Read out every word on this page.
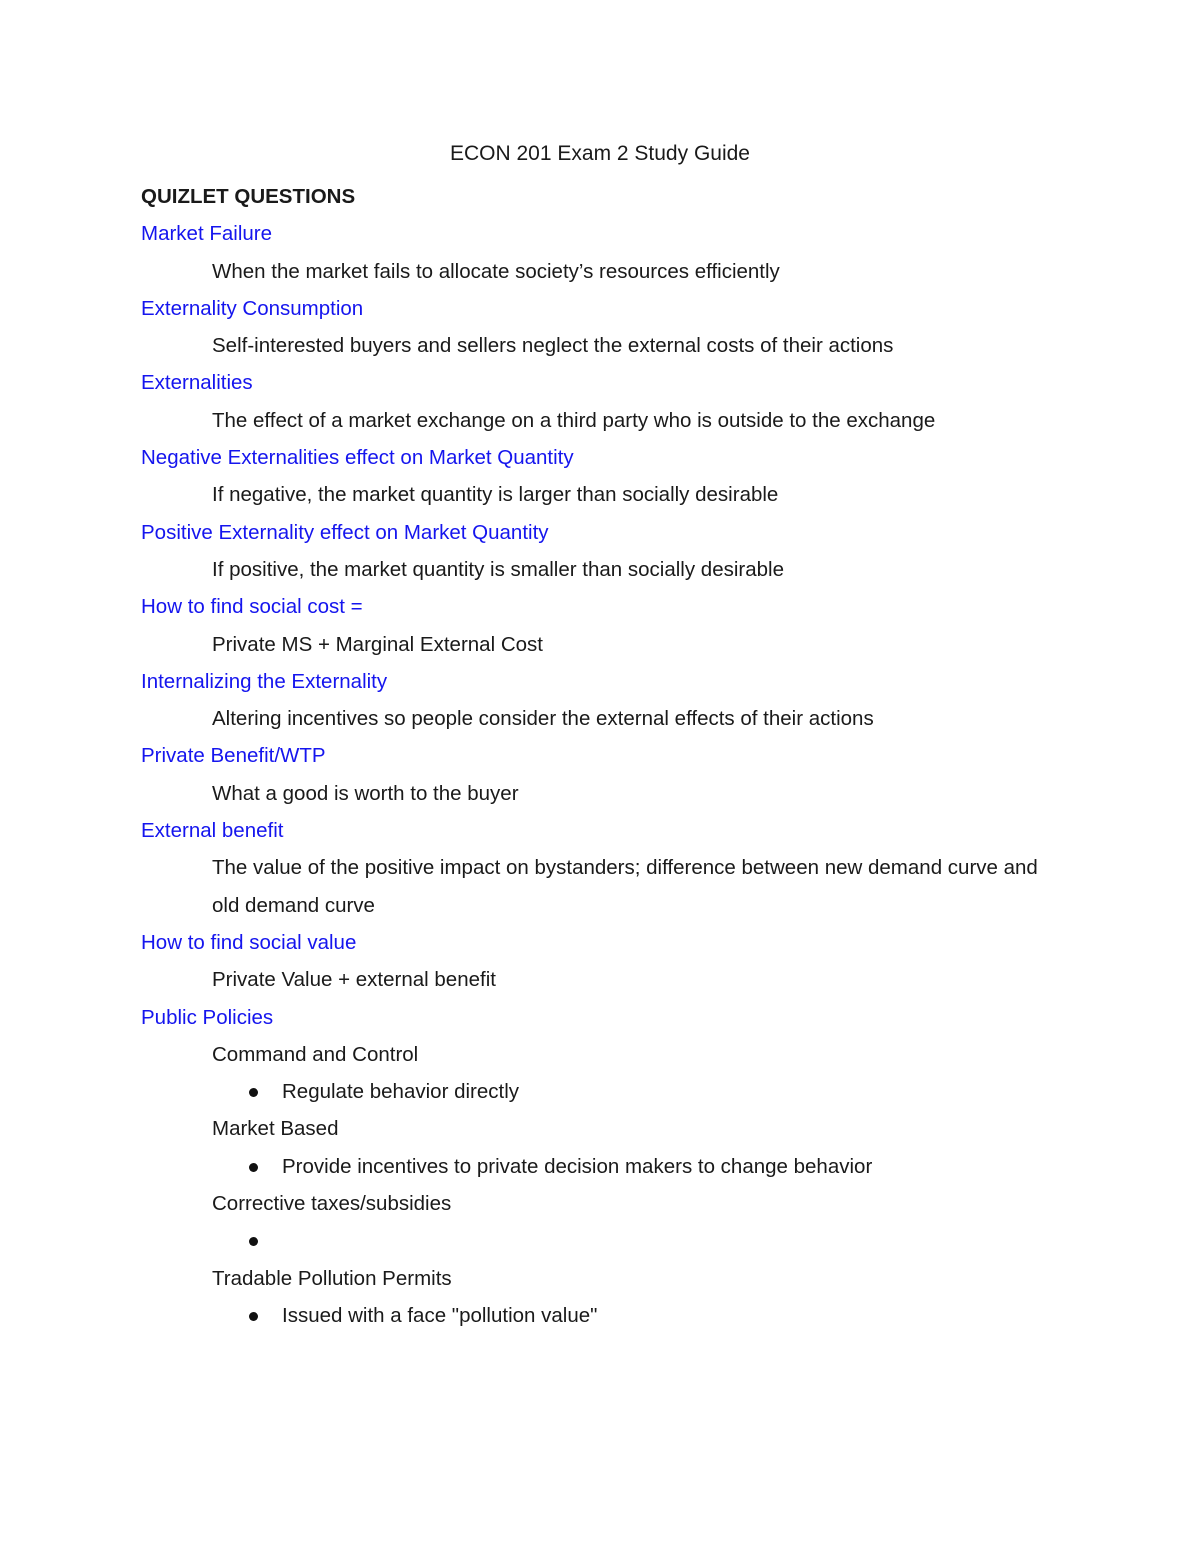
ECON 201 Exam 2 Study Guide
QUIZLET QUESTIONS
Market Failure
When the market fails to allocate society’s resources efficiently
Externality Consumption
Self-interested buyers and sellers neglect the external costs of their actions
Externalities
The effect of a market exchange on a third party who is outside to the exchange
Negative Externalities effect on Market Quantity
If negative, the market quantity is larger than socially desirable
Positive Externality effect on Market Quantity
If positive, the market quantity is smaller than socially desirable
How to find social cost =
Private MS + Marginal External Cost
Internalizing the Externality
Altering incentives so people consider the external effects of their actions
Private Benefit/WTP
What a good is worth to the buyer
External benefit
The value of the positive impact on bystanders; difference between new demand curve and old demand curve
How to find social value
Private Value + external benefit
Public Policies
Command and Control
Regulate behavior directly
Market Based
Provide incentives to private decision makers to change behavior
Corrective taxes/subsidies

Tradable Pollution Permits
Issued with a face "pollution value"
